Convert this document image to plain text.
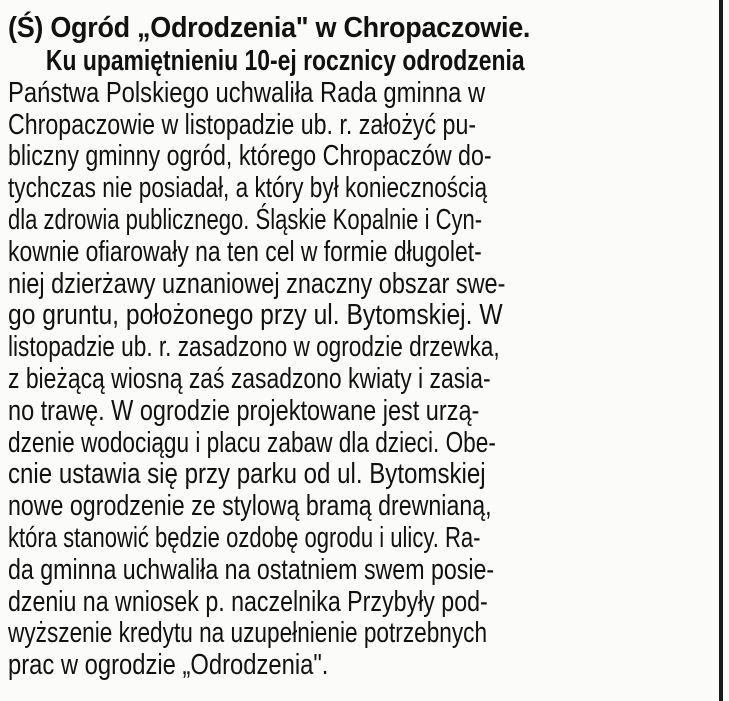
(Ś) Ogród „Odrodzenia" w Chropaczowie.
Ku upamiętnieniu 10-ej rocznicy odrodzenia
Państwa Polskiego uchwaliła Rada gminna w
Chropaczowie w listopadzie ub. r. założyć pu-
bliczny gminny ogród, którego Chropaczów do-
tychczas nie posiadał, a który był koniecznością
dla zdrowia publicznego. Śląskie Kopalnie i Cyn-
kownie ofiarowały na ten cel w formie długolet-
niej dzierżawy uznaniowej znaczny obszar swe-
go gruntu, położonego przy ul. Bytomskiej. W
listopadzie ub. r. zasadzono w ogrodzie drzewka,
z bieżącą wiosną zaś zasadzono kwiaty i zasia-
no trawę. W ogrodzie projektowane jest urzą-
dzenie wodociągu i placu zabaw dla dzieci. Obe-
cnie ustawia się przy parku od ul. Bytomskiej
nowe ogrodzenie ze stylową bramą drewnianą,
która stanowić będzie ozdobę ogrodu i ulicy. Ra-
da gminna uchwaliła na ostatniem swem posie-
dzeniu na wniosek p. naczelnika Przybyły pod-
wyższenie kredytu na uzupełnienie potrzebnych
prac w ogrodzie „Odrodzenia".
